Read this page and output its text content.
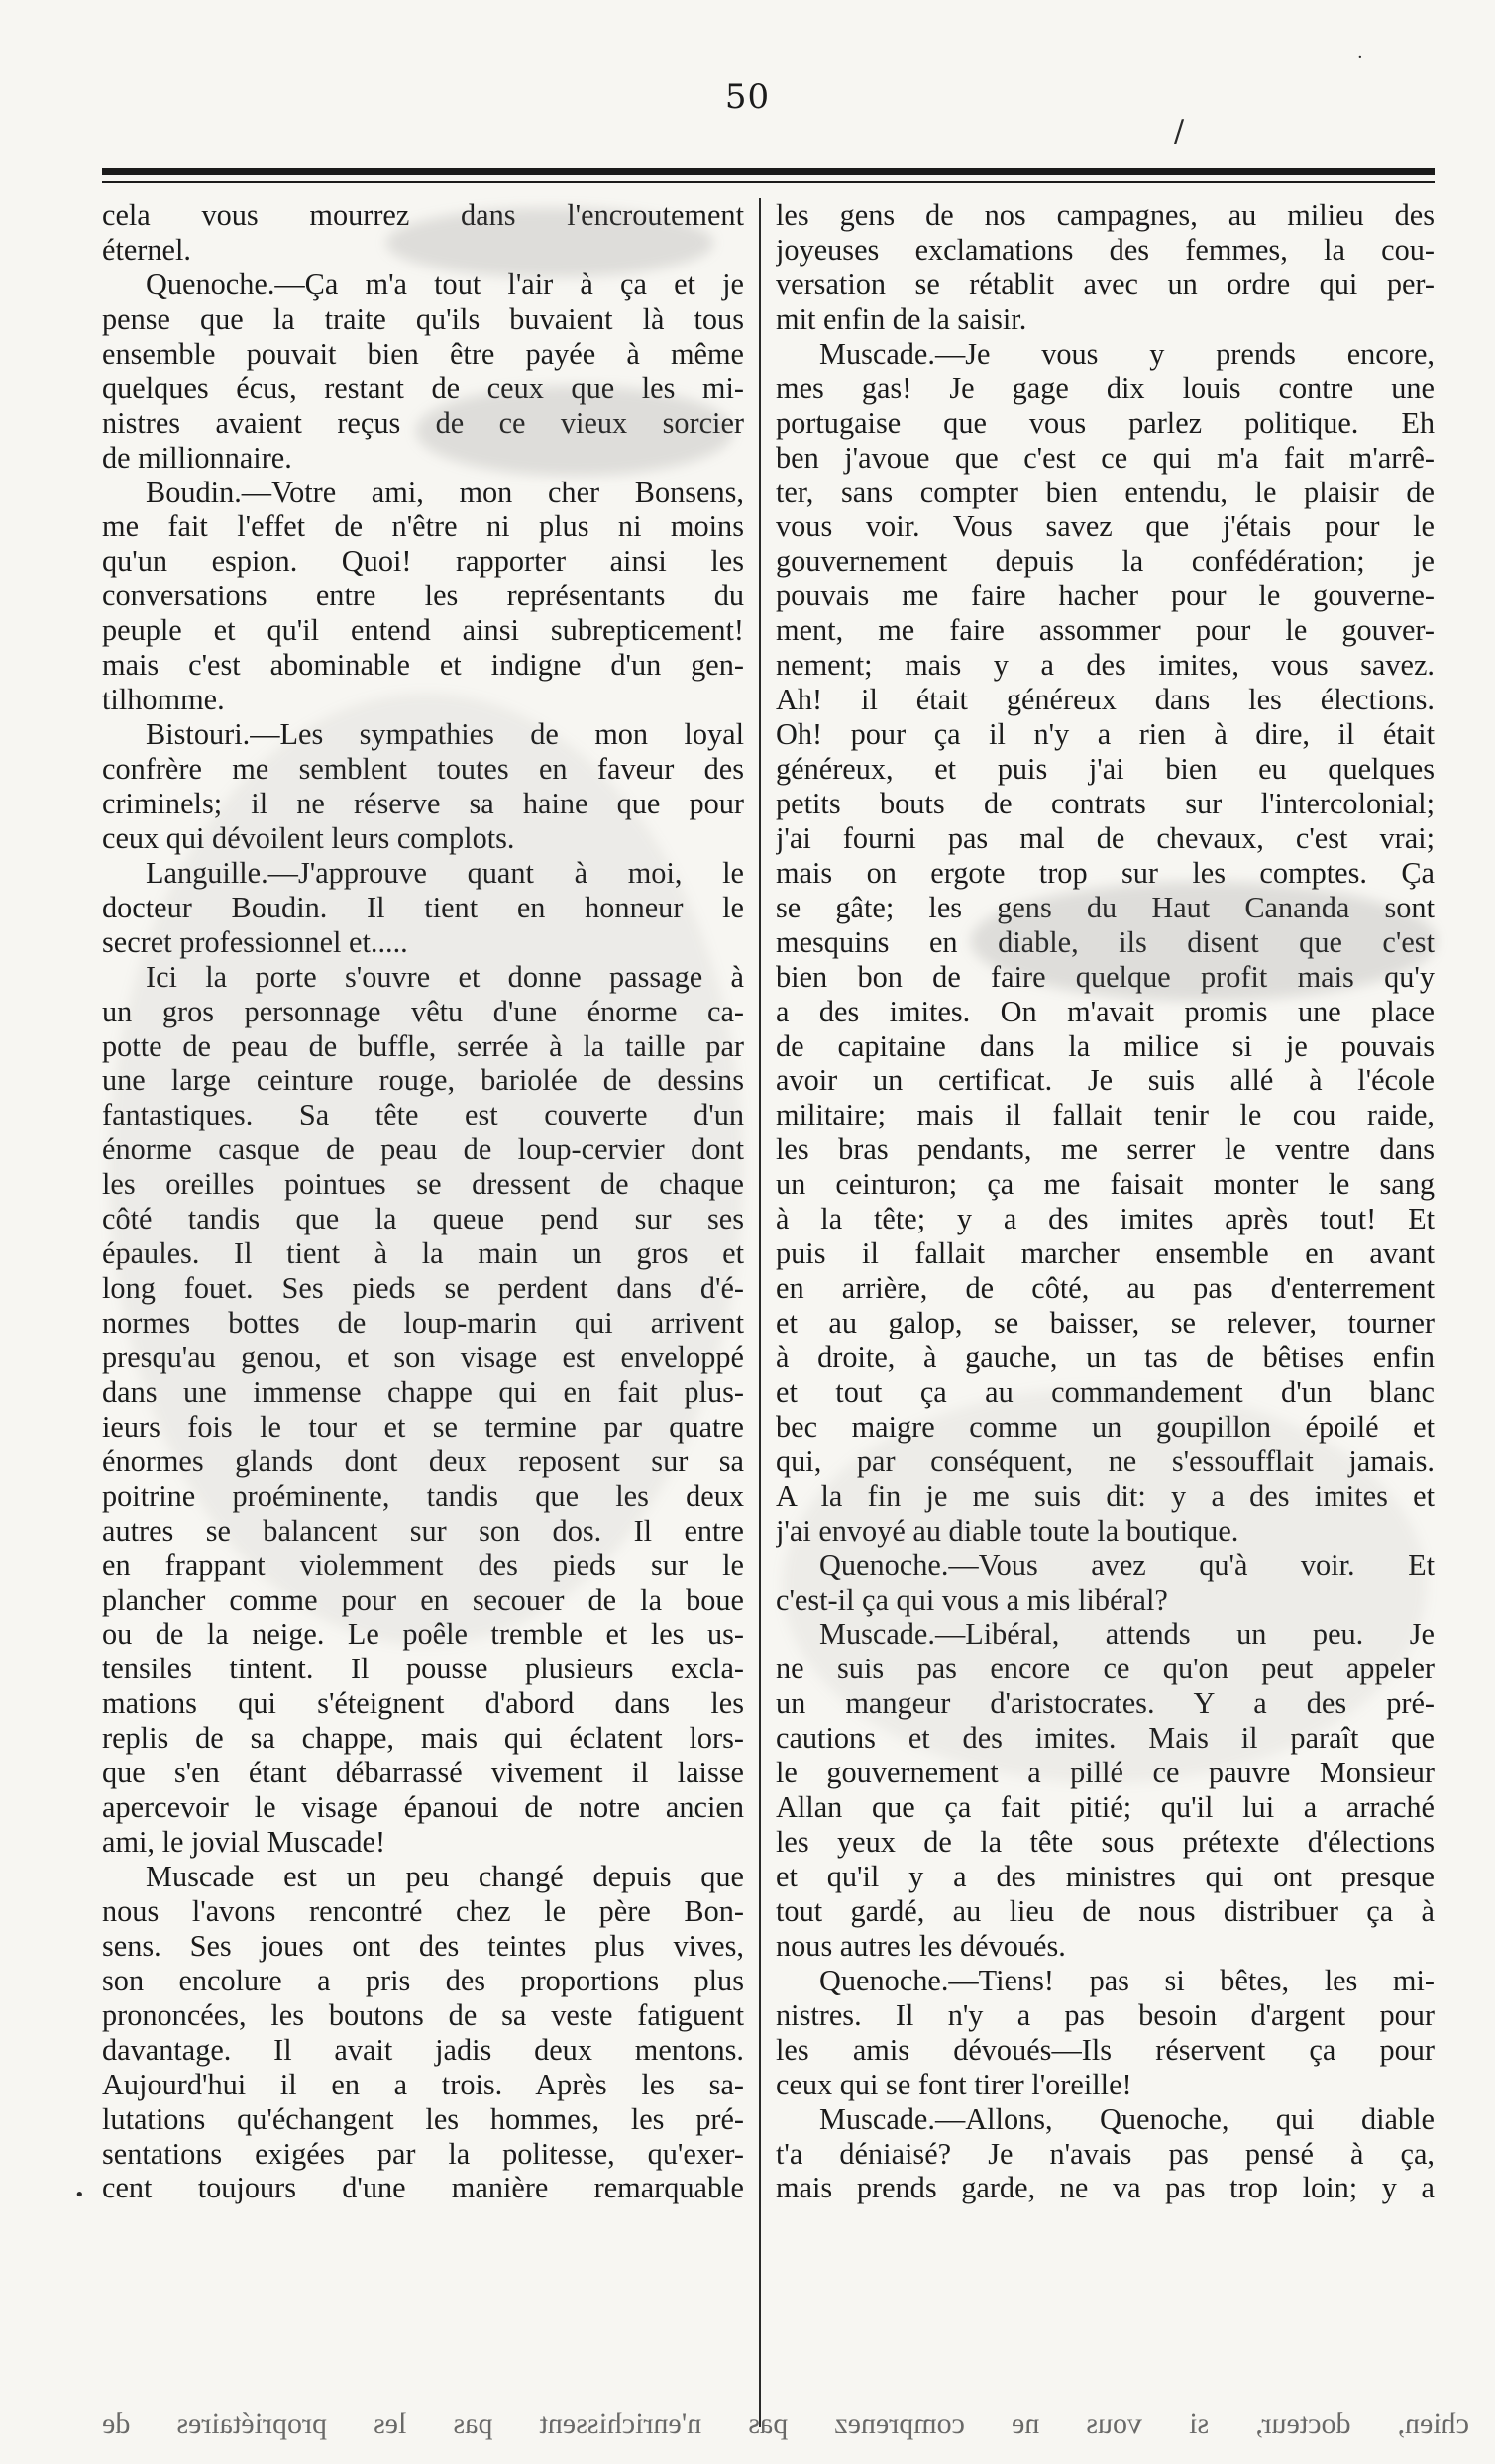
50
cela vous mourrez dans l'encroutement
éternel.
Quenoche.—Ça m'a tout l'air à ça et je
pense que la traite qu'ils buvaient là tous
ensemble pouvait bien être payée à même
quelques écus, restant de ceux que les mi-
nistres avaient reçus de ce vieux sorcier
de millionnaire.
Boudin.—Votre ami, mon cher Bonsens,
me fait l'effet de n'être ni plus ni moins
qu'un espion. Quoi! rapporter ainsi les
conversations entre les représentants du
peuple et qu'il entend ainsi subrepticement!
mais c'est abominable et indigne d'un gen-
tilhomme.
Bistouri.—Les sympathies de mon loyal
confrère me semblent toutes en faveur des
criminels; il ne réserve sa haine que pour
ceux qui dévoilent leurs complots.
Languille.—J'approuve quant à moi, le
docteur Boudin. Il tient en honneur le
secret professionnel et.....
Ici la porte s'ouvre et donne passage à
un gros personnage vêtu d'une énorme ca-
potte de peau de buffle, serrée à la taille par
une large ceinture rouge, bariolée de dessins
fantastiques. Sa tête est couverte d'un
énorme casque de peau de loup-cervier dont
les oreilles pointues se dressent de chaque
côté tandis que la queue pend sur ses
épaules. Il tient à la main un gros et
long fouet. Ses pieds se perdent dans d'é-
normes bottes de loup-marin qui arrivent
presqu'au genou, et son visage est enveloppé
dans une immense chappe qui en fait plus-
ieurs fois le tour et se termine par quatre
énormes glands dont deux reposent sur sa
poitrine proéminente, tandis que les deux
autres se balancent sur son dos. Il entre
en frappant violemment des pieds sur le
plancher comme pour en secouer de la boue
ou de la neige. Le poêle tremble et les us-
tensiles tintent. Il pousse plusieurs excla-
mations qui s'éteignent d'abord dans les
replis de sa chappe, mais qui éclatent lors-
que s'en étant débarrassé vivement il laisse
apercevoir le visage épanoui de notre ancien
ami, le jovial Muscade!
Muscade est un peu changé depuis que
nous l'avons rencontré chez le père Bon-
sens. Ses joues ont des teintes plus vives,
son encolure a pris des proportions plus
prononcées, les boutons de sa veste fatiguent
davantage. Il avait jadis deux mentons.
Aujourd'hui il en a trois. Après les sa-
lutations qu'échangent les hommes, les pré-
sentations exigées par la politesse, qu'exer-
cent toujours d'une manière remarquable
les gens de nos campagnes, au milieu des
joyeuses exclamations des femmes, la cou-
versation se rétablit avec un ordre qui per-
mit enfin de la saisir.
Muscade.—Je vous y prends encore,
mes gas! Je gage dix louis contre une
portugaise que vous parlez politique. Eh
ben j'avoue que c'est ce qui m'a fait m'arrê-
ter, sans compter bien entendu, le plaisir de
vous voir. Vous savez que j'étais pour le
gouvernement depuis la confédération; je
pouvais me faire hacher pour le gouverne-
ment, me faire assommer pour le gouver-
nement; mais y a des imites, vous savez.
Ah! il était généreux dans les élections.
Oh! pour ça il n'y a rien à dire, il était
généreux, et puis j'ai bien eu quelques
petits bouts de contrats sur l'intercolonial;
j'ai fourni pas mal de chevaux, c'est vrai;
mais on ergote trop sur les comptes. Ça
se gâte; les gens du Haut Cananda sont
mesquins en diable, ils disent que c'est
bien bon de faire quelque profit mais qu'y
a des imites. On m'avait promis une place
de capitaine dans la milice si je pouvais
avoir un certificat. Je suis allé à l'école
militaire; mais il fallait tenir le cou raide,
les bras pendants, me serrer le ventre dans
un ceinturon; ça me faisait monter le sang
à la tête; y a des imites après tout! Et
puis il fallait marcher ensemble en avant
en arrière, de côté, au pas d'enterrement
et au galop, se baisser, se relever, tourner
à droite, à gauche, un tas de bêtises enfin
et tout ça au commandement d'un blanc
bec maigre comme un goupillon époilé et
qui, par conséquent, ne s'essoufflait jamais.
A la fin je me suis dit: y a des imites et
j'ai envoyé au diable toute la boutique.
Quenoche.—Vous avez qu'à voir. Et
c'est-il ça qui vous a mis libéral?
Muscade.—Libéral, attends un peu. Je
ne suis pas encore ce qu'on peut appeler
un mangeur d'aristocrates. Y a des pré-
cautions et des imites. Mais il paraît que
le gouvernement a pillé ce pauvre Monsieur
Allan que ça fait pitié; qu'il lui a arraché
les yeux de la tête sous prétexte d'élections
et qu'il y a des ministres qui ont presque
tout gardé, au lieu de nous distribuer ça à
nous autres les dévoués.
Quenoche.—Tiens! pas si bêtes, les mi-
nistres. Il n'y a pas besoin d'argent pour
les amis dévoués—Ils réservent ça pour
ceux qui se font tirer l'oreille!
Muscade.—Allons, Quenoche, qui diable
t'a déniaisé? Je n'avais pas pensé à ça,
mais prends garde, ne va pas trop loin; y a
chien, docteur, si vous ne comprenez pas n'enrichissent pas les propriétaires de
·
/
•
